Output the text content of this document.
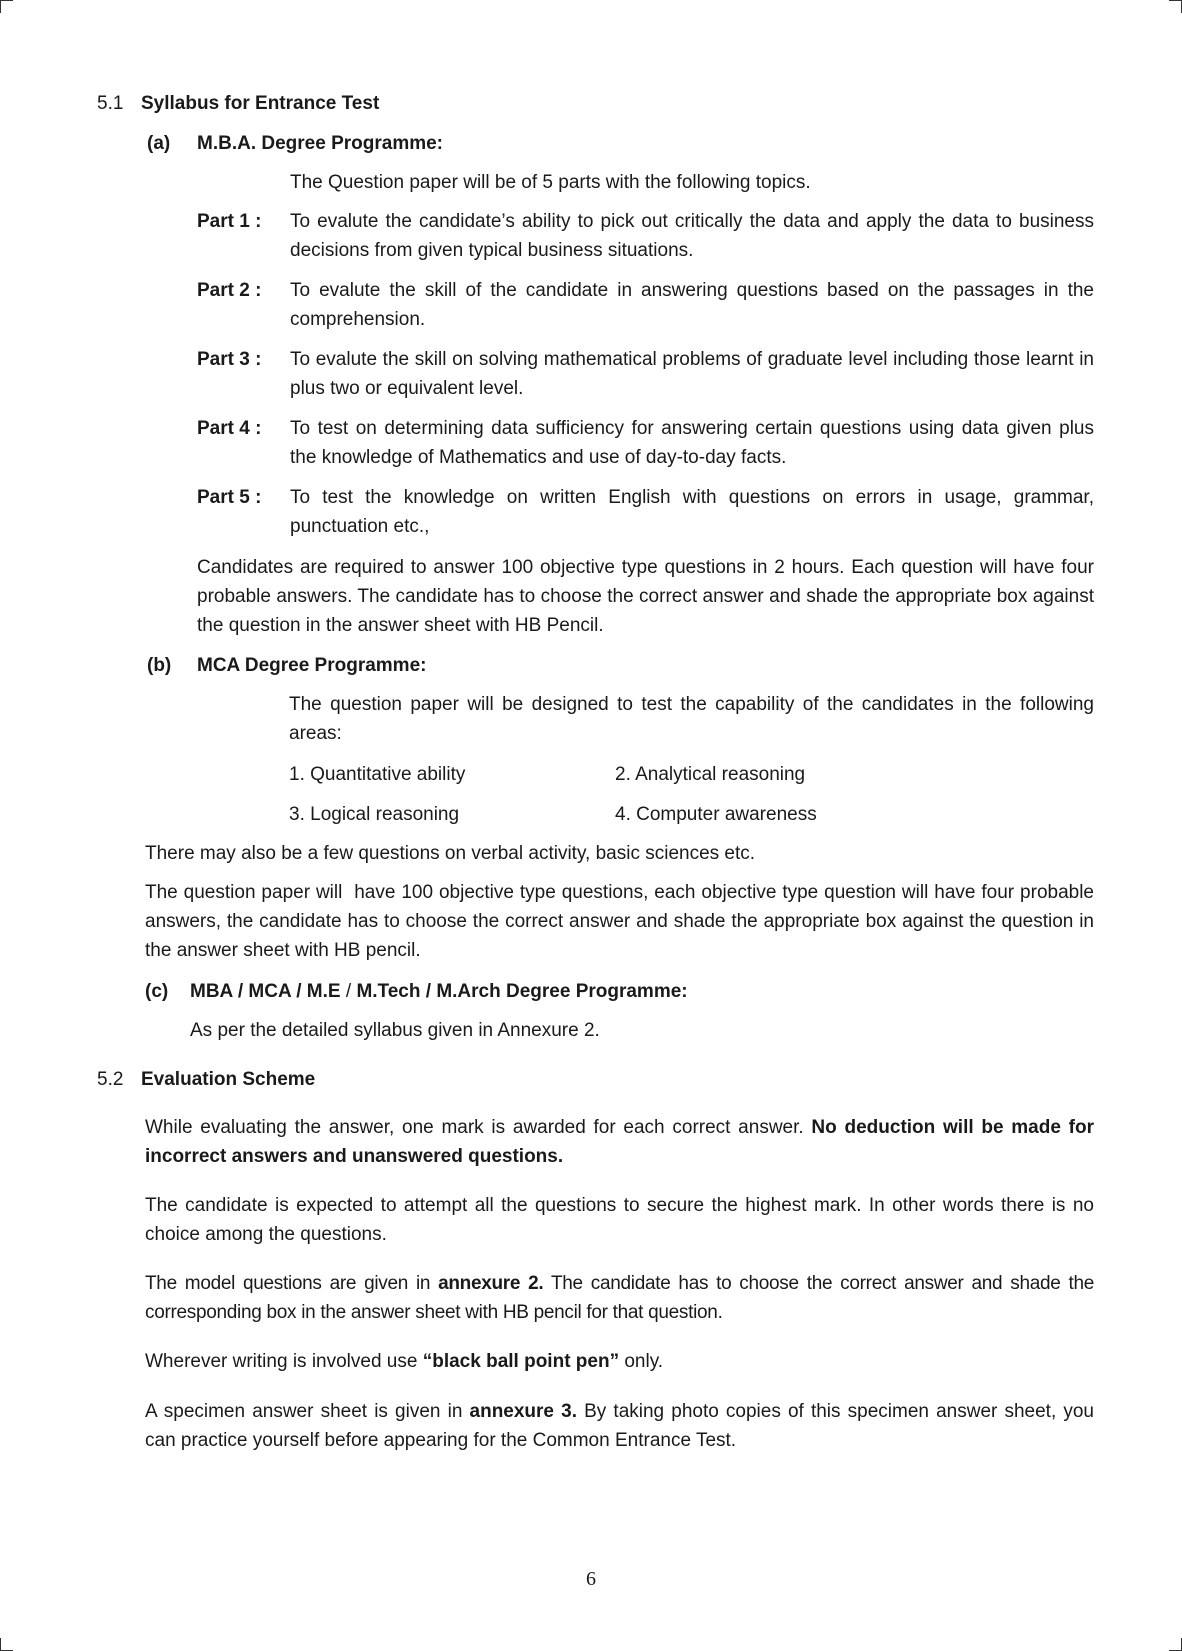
5.1 Syllabus for Entrance Test
(a) M.B.A. Degree Programme:
The Question paper will be of 5 parts with the following topics.
Part 1 :	To evalute the candidate’s ability to pick out critically the data and apply the data to business decisions from given typical business situations.
Part 2 :	To evalute the skill of the candidate in answering questions based on the passages in the comprehension.
Part 3 :	To evalute the skill on solving mathematical problems of graduate level including those learnt in plus two or equivalent level.
Part 4 :	To test on determining data sufficiency for answering certain questions using data given plus the knowledge of Mathematics and use of day-to-day facts.
Part 5 :	To test the knowledge on written English with questions on errors in usage, grammar, punctuation etc.,

Candidates are required to answer 100 objective type questions in 2 hours. Each question will have four probable answers. The candidate has to choose the correct answer and shade the appropriate box against the question in the answer sheet with HB Pencil.

(b) MCA Degree Programme:

The question paper will be designed to test the capability of the candidates in the following areas:

1. Quantitative ability	2. Analytical reasoning
3. Logical reasoning	4. Computer awareness
There may also be a few questions on verbal activity, basic sciences etc.

The question paper will  have 100 objective type questions, each objective type question will have four probable answers, the candidate has to choose the correct answer and shade the appropriate box against the question in the answer sheet with HB pencil.

(c) MBA / MCA / M.E / M.Tech / M.Arch Degree Programme:
As per the detailed syllabus given in Annexure 2.
5.2 Evaluation Scheme

While evaluating the answer, one mark is awarded for each correct answer. No deduction will be made for incorrect answers and unanswered questions.

The candidate is expected to attempt all the questions to secure the highest mark. In other words there is no choice among the questions.

The model questions are given in annexure 2. The candidate has to choose the correct answer and shade the corresponding box in the answer sheet with HB pencil for that question.

Wherever writing is involved use “black ball point pen” only.

A specimen answer sheet is given in annexure 3. By taking photo copies of this specimen answer sheet, you can practice yourself before appearing for the Common Entrance Test.

6
